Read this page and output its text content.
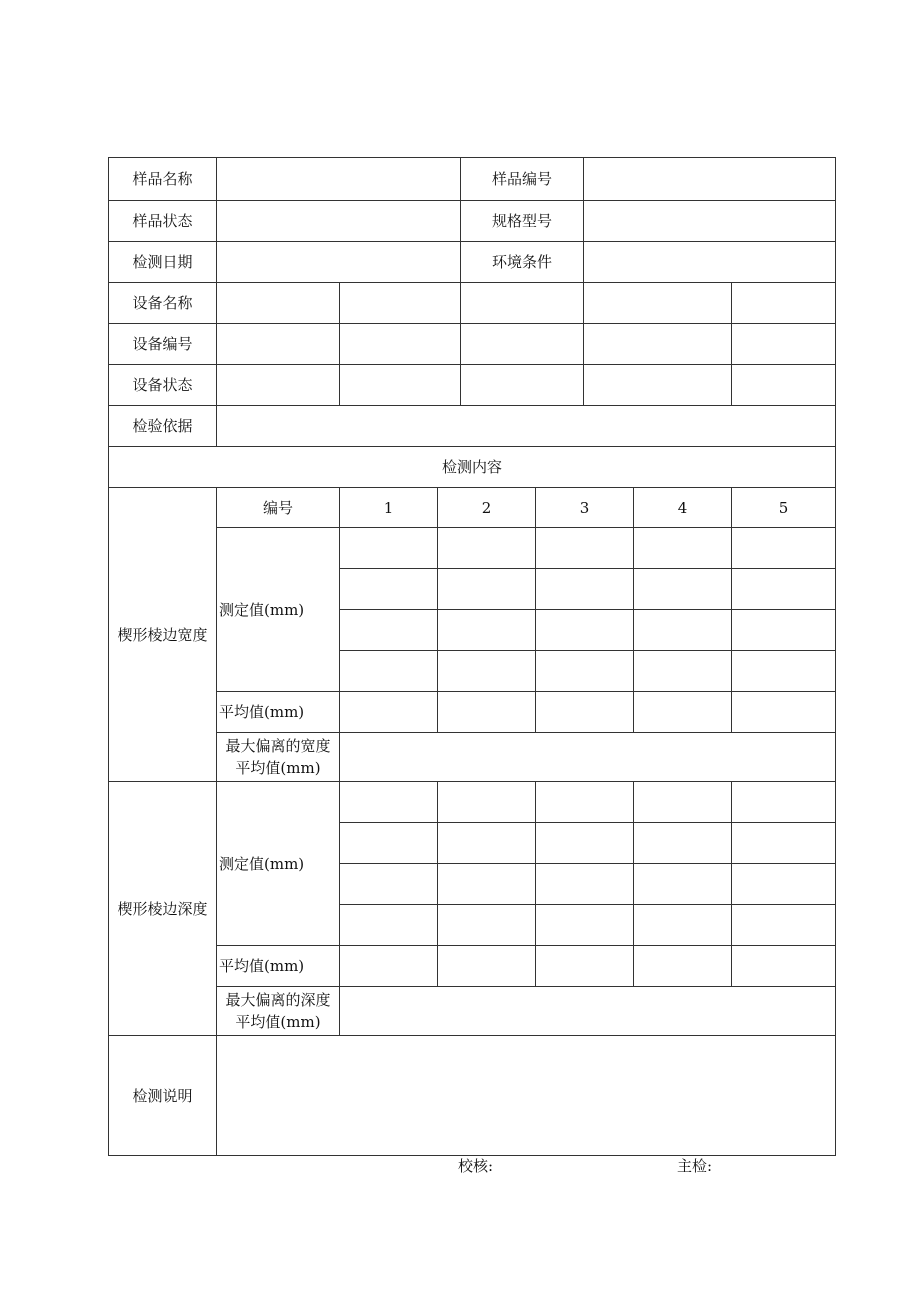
样品名称				样品编号				
样品状态				规格型号				
检测日期				环境条件				
设备名称								
设备编号								
设备状态								
检验依据								
检测内容								
楔形棱边宽度	编号	1	2		3		4	5
	测定值(mm)							

	平均值(mm)							
	最大偏离的宽度
平均值(mm)							
楔形棱边深度	测定值(mm)							

	平均值(mm)							
	最大偏离的深度
平均值(mm)							
检测说明								
校核:	主检:
